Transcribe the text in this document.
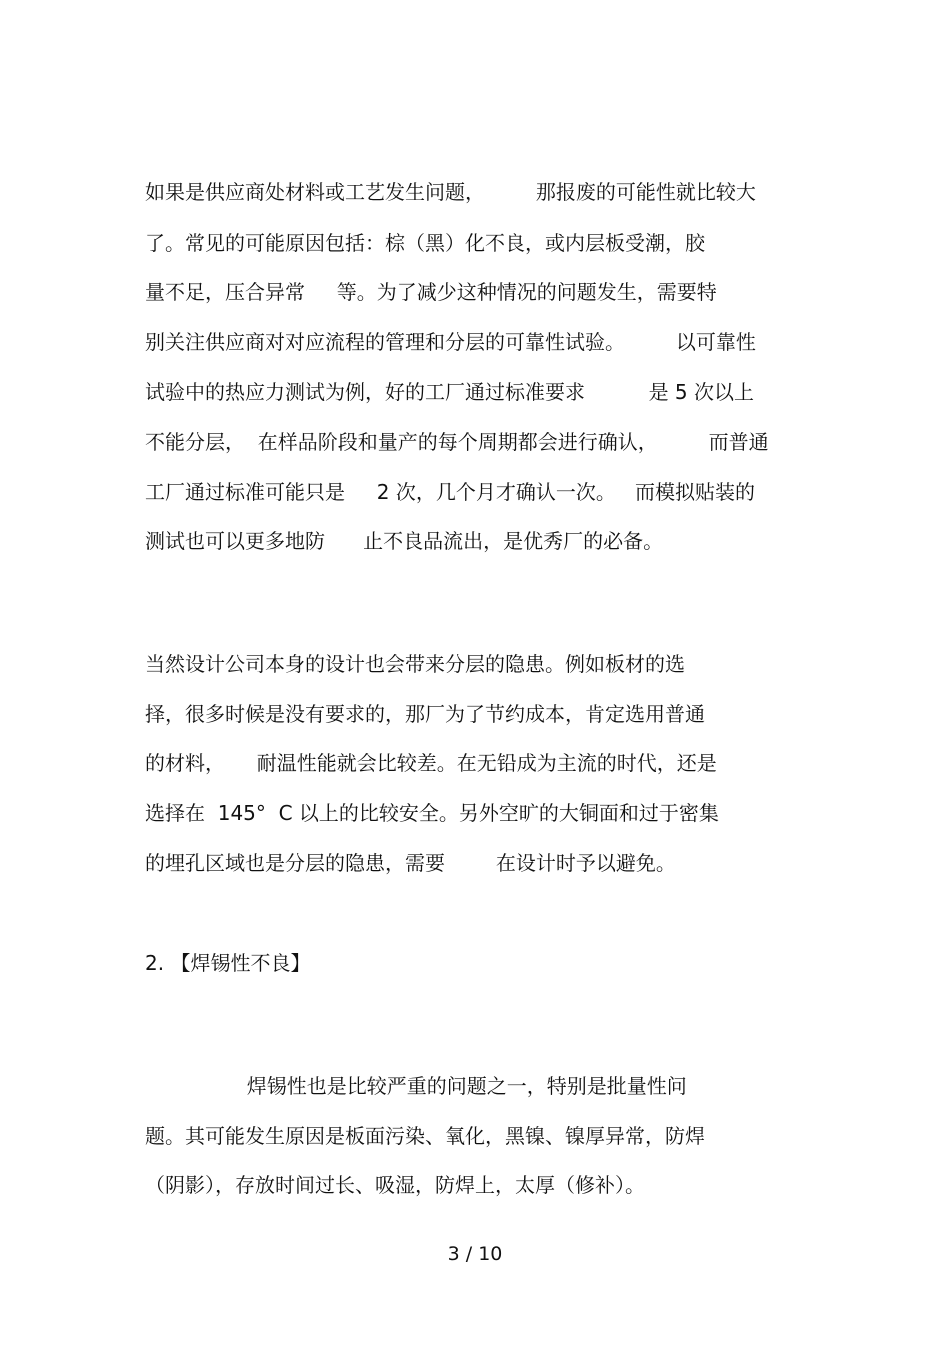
如果是供应商处材料或工艺发生问题，        那报废的可能性就比较大
了。常见的可能原因包括：棕（黑）化不良，或内层板受潮，胶
量不足，压合异常     等。为了减少这种情况的问题发生，需要特
别关注供应商对对应流程的管理和分层的可靠性试验。        以可靠性
试验中的热应力测试为例，好的工厂通过标准要求          是 5 次以上
不能分层，  在样品阶段和量产的每个周期都会进行确认，        而普通
工厂通过标准可能只是     2 次，几个月才确认一次。   而模拟贴装的
测试也可以更多地防      止不良品流出，是优秀厂的必备。
当然设计公司本身的设计也会带来分层的隐患。例如板材的选
择，很多时候是没有要求的，那厂为了节约成本，肯定选用普通
的材料，     耐温性能就会比较差。在无铅成为主流的时代，还是
选择在  145°  C 以上的比较安全。另外空旷的大铜面和过于密集
的埋孔区域也是分层的隐患，需要        在设计时予以避免。
2. 【焊锡性不良】
焊锡性也是比较严重的问题之一，特别是批量性问
题。其可能发生原因是板面污染、氧化，黑镍、镍厚异常，防焊
（阴影），存放时间过长、吸湿，防焊上，太厚（修补）。
3 / 10
